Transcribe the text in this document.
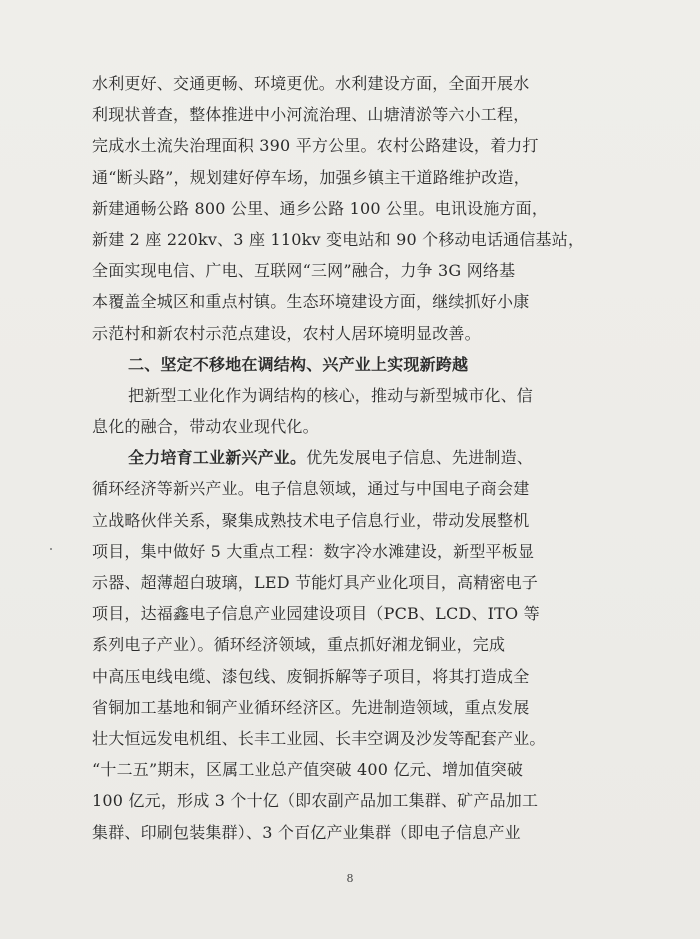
水利更好、交通更畅、环境更优。水利建设方面，全面开展水
利现状普查，整体推进中小河流治理、山塘清淤等六小工程，
完成水土流失治理面积 390 平方公里。农村公路建设，着力打
通“断头路”，规划建好停车场，加强乡镇主干道路维护改造，
新建通畅公路 800 公里、通乡公路 100 公里。电讯设施方面，
新建 2 座 220kv、3 座 110kv 变电站和 90 个移动电话通信基站，
全面实现电信、广电、互联网“三网”融合，力争 3G 网络基
本覆盖全城区和重点村镇。生态环境建设方面，继续抓好小康
示范村和新农村示范点建设，农村人居环境明显改善。
二、坚定不移地在调结构、兴产业上实现新跨越
把新型工业化作为调结构的核心，推动与新型城市化、信
息化的融合，带动农业现代化。
全力培育工业新兴产业。优先发展电子信息、先进制造、
循环经济等新兴产业。电子信息领域，通过与中国电子商会建
立战略伙伴关系，聚集成熟技术电子信息行业，带动发展整机
项目，集中做好 5 大重点工程：数字冷水滩建设，新型平板显
示器、超薄超白玻璃，LED 节能灯具产业化项目，高精密电子
项目，达福鑫电子信息产业园建设项目（PCB、LCD、ITO 等
系列电子产业）。循环经济领域，重点抓好湘龙铜业，完成
中高压电线电缆、漆包线、废铜拆解等子项目，将其打造成全
省铜加工基地和铜产业循环经济区。先进制造领域，重点发展
壮大恒远发电机组、长丰工业园、长丰空调及沙发等配套产业。
“十二五”期末，区属工业总产值突破 400 亿元、增加值突破
100 亿元，形成 3 个十亿（即农副产品加工集群、矿产品加工
集群、印刷包装集群）、3 个百亿产业集群（即电子信息产业
8
